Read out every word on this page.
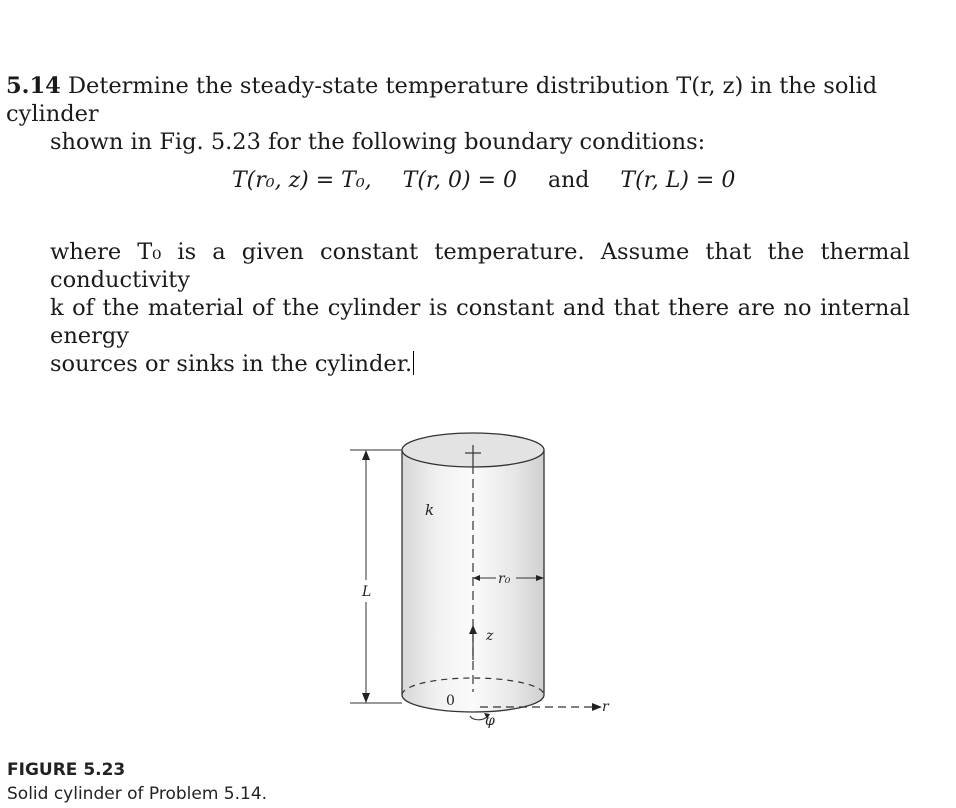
5.14 Determine the steady-state temperature distribution T(r, z) in the solid cylinder
shown in Fig. 5.23 for the following boundary conditions:
T(r₀, z) = T₀, T(r, 0) = 0 and T(r, L) = 0
where T₀ is a given constant temperature. Assume that the thermal conductivity
k of the material of the cylinder is constant and that there are no internal energy
sources or sinks in the cylinder.
L
k
r₀
z
0	r
φ
FIGURE 5.23
Solid cylinder of Problem 5.14.
